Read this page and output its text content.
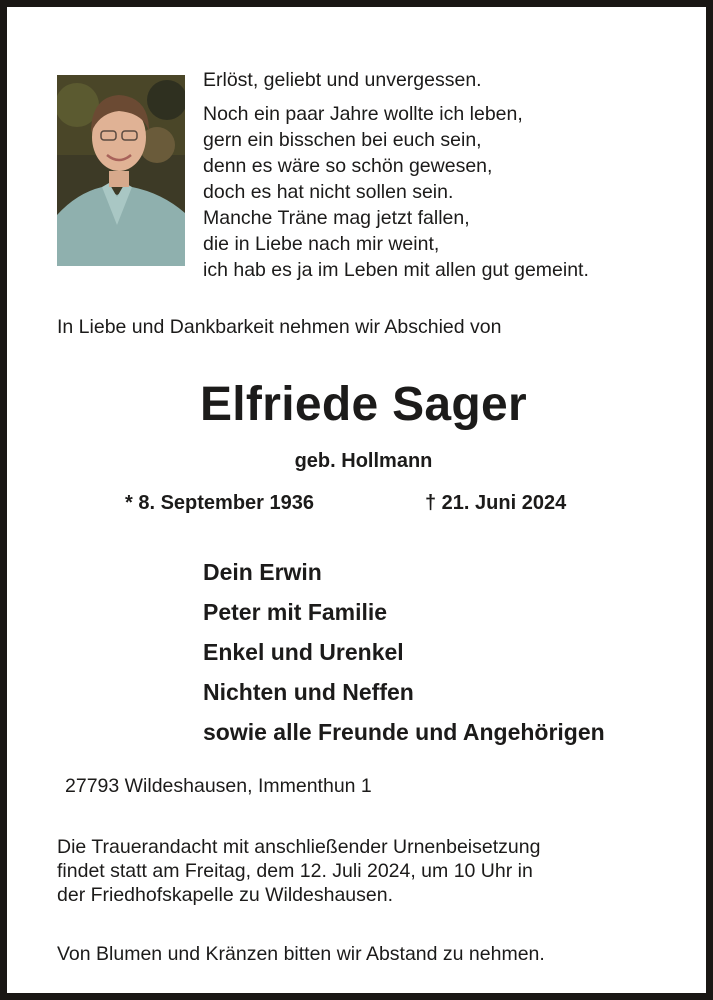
Erlöst, geliebt und unvergessen.
Noch ein paar Jahre wollte ich leben,
gern ein bisschen bei euch sein,
denn es wäre so schön gewesen,
doch es hat nicht sollen sein.
Manche Träne mag jetzt fallen,
die in Liebe nach mir weint,
ich hab es ja im Leben mit allen gut gemeint.
In Liebe und Dankbarkeit nehmen wir Abschied von
Elfriede Sager
geb. Hollmann
* 8. September 1936	† 21. Juni 2024
Dein Erwin
Peter mit Familie
Enkel und Urenkel
Nichten und Neffen
sowie alle Freunde und Angehörigen
27793 Wildeshausen, Immenthun 1
Die Trauerandacht mit anschließender Urnenbeisetzung
findet statt am Freitag, dem 12. Juli 2024, um 10 Uhr in
der Friedhofskapelle zu Wildeshausen.
Von Blumen und Kränzen bitten wir Abstand zu nehmen.
